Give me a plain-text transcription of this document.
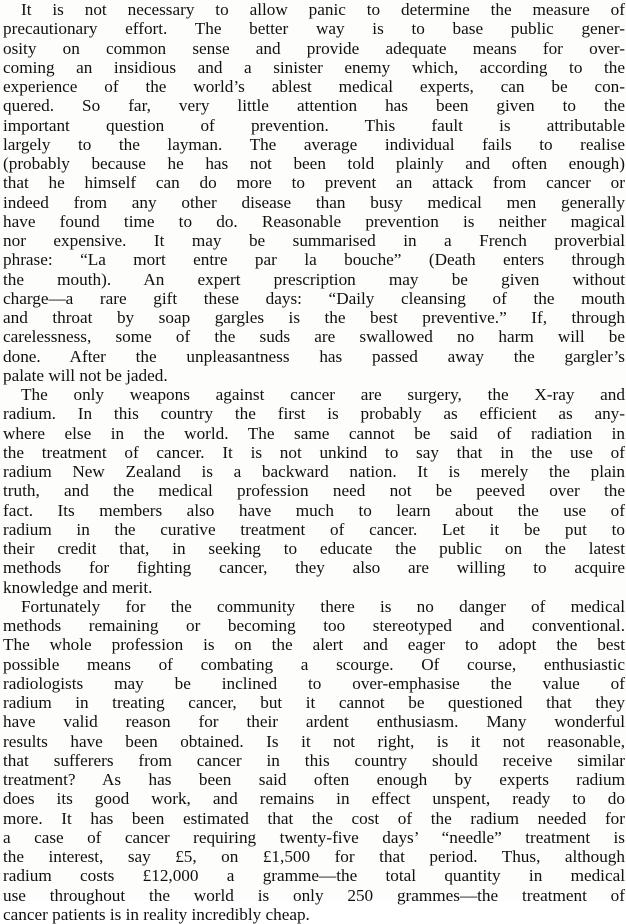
It is not necessary to allow panic to determine the measure of
precautionary effort. The better way is to base public gener-
osity on common sense and provide adequate means for over-
coming an insidious and a sinister enemy which, according to the
experience of the world’s ablest medical experts, can be con-
quered. So far, very little attention has been given to the
important question of prevention. This fault is attributable
largely to the layman. The average individual fails to realise
(probably because he has not been told plainly and often enough)
that he himself can do more to prevent an attack from cancer or
indeed from any other disease than busy medical men generally
have found time to do. Reasonable prevention is neither magical
nor expensive. It may be summarised in a French proverbial
phrase: “La mort entre par la bouche” (Death enters through
the mouth). An expert prescription may be given without
charge—a rare gift these days: “Daily cleansing of the mouth
and throat by soap gargles is the best preventive.” If, through
carelessness, some of the suds are swallowed no harm will be
done. After the unpleasantness has passed away the gargler’s
palate will not be jaded.
The only weapons against cancer are surgery, the X-ray and
radium. In this country the first is probably as efficient as any-
where else in the world. The same cannot be said of radiation in
the treatment of cancer. It is not unkind to say that in the use of
radium New Zealand is a backward nation. It is merely the plain
truth, and the medical profession need not be peeved over the
fact. Its members also have much to learn about the use of
radium in the curative treatment of cancer. Let it be put to
their credit that, in seeking to educate the public on the latest
methods for fighting cancer, they also are willing to acquire
knowledge and merit.
Fortunately for the community there is no danger of medical
methods remaining or becoming too stereotyped and conventional.
The whole profession is on the alert and eager to adopt the best
possible means of combating a scourge. Of course, enthusiastic
radiologists may be inclined to over-emphasise the value of
radium in treating cancer, but it cannot be questioned that they
have valid reason for their ardent enthusiasm. Many wonderful
results have been obtained. Is it not right, is it not reasonable,
that sufferers from cancer in this country should receive similar
treatment? As has been said often enough by experts radium
does its good work, and remains in effect unspent, ready to do
more. It has been estimated that the cost of the radium needed for
a case of cancer requiring twenty-five days’ “needle” treatment is
the interest, say £5, on £1,500 for that period. Thus, although
radium costs £12,000 a gramme—the total quantity in medical
use throughout the world is only 250 grammes—the treatment of
cancer patients is in reality incredibly cheap.
